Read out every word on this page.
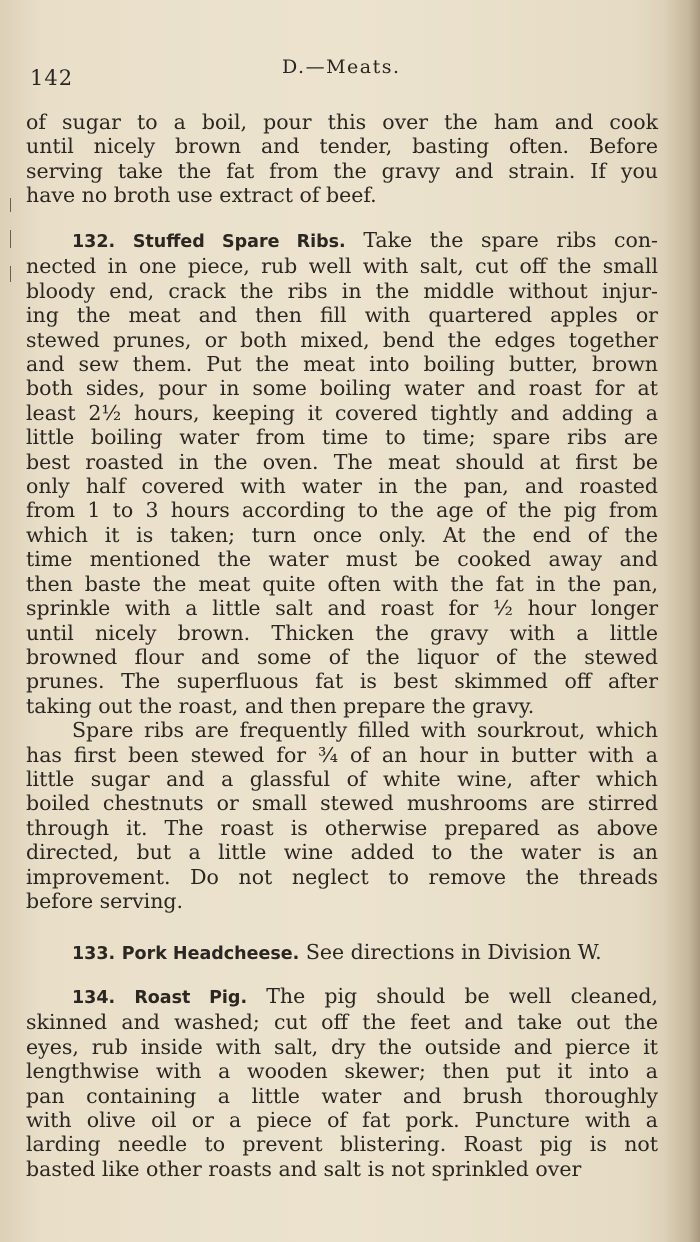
142	D.—Meats.
of sugar to a boil, pour this over the ham and cook
until nicely brown and tender, basting often. Before
serving take the fat from the gravy and strain. If you
have no broth use extract of beef.
132. Stuffed Spare Ribs. Take the spare ribs con-
nected in one piece, rub well with salt, cut off the small
bloody end, crack the ribs in the middle without injur-
ing the meat and then fill with quartered apples or
stewed prunes, or both mixed, bend the edges together
and sew them. Put the meat into boiling butter, brown
both sides, pour in some boiling water and roast for at
least 2½ hours, keeping it covered tightly and adding a
little boiling water from time to time; spare ribs are
best roasted in the oven. The meat should at first be
only half covered with water in the pan, and roasted
from 1 to 3 hours according to the age of the pig from
which it is taken; turn once only. At the end of the
time mentioned the water must be cooked away and
then baste the meat quite often with the fat in the pan,
sprinkle with a little salt and roast for ½ hour longer
until nicely brown. Thicken the gravy with a little
browned flour and some of the liquor of the stewed
prunes. The superfluous fat is best skimmed off after
taking out the roast, and then prepare the gravy.
Spare ribs are frequently filled with sourkrout, which
has first been stewed for ¾ of an hour in butter with a
little sugar and a glassful of white wine, after which
boiled chestnuts or small stewed mushrooms are stirred
through it. The roast is otherwise prepared as above
directed, but a little wine added to the water is an
improvement. Do not neglect to remove the threads
before serving.
133. Pork Headcheese. See directions in Division W.
134. Roast Pig. The pig should be well cleaned,
skinned and washed; cut off the feet and take out the
eyes, rub inside with salt, dry the outside and pierce it
lengthwise with a wooden skewer; then put it into a
pan containing a little water and brush thoroughly
with olive oil or a piece of fat pork. Puncture with a
larding needle to prevent blistering. Roast pig is not
basted like other roasts and salt is not sprinkled over
